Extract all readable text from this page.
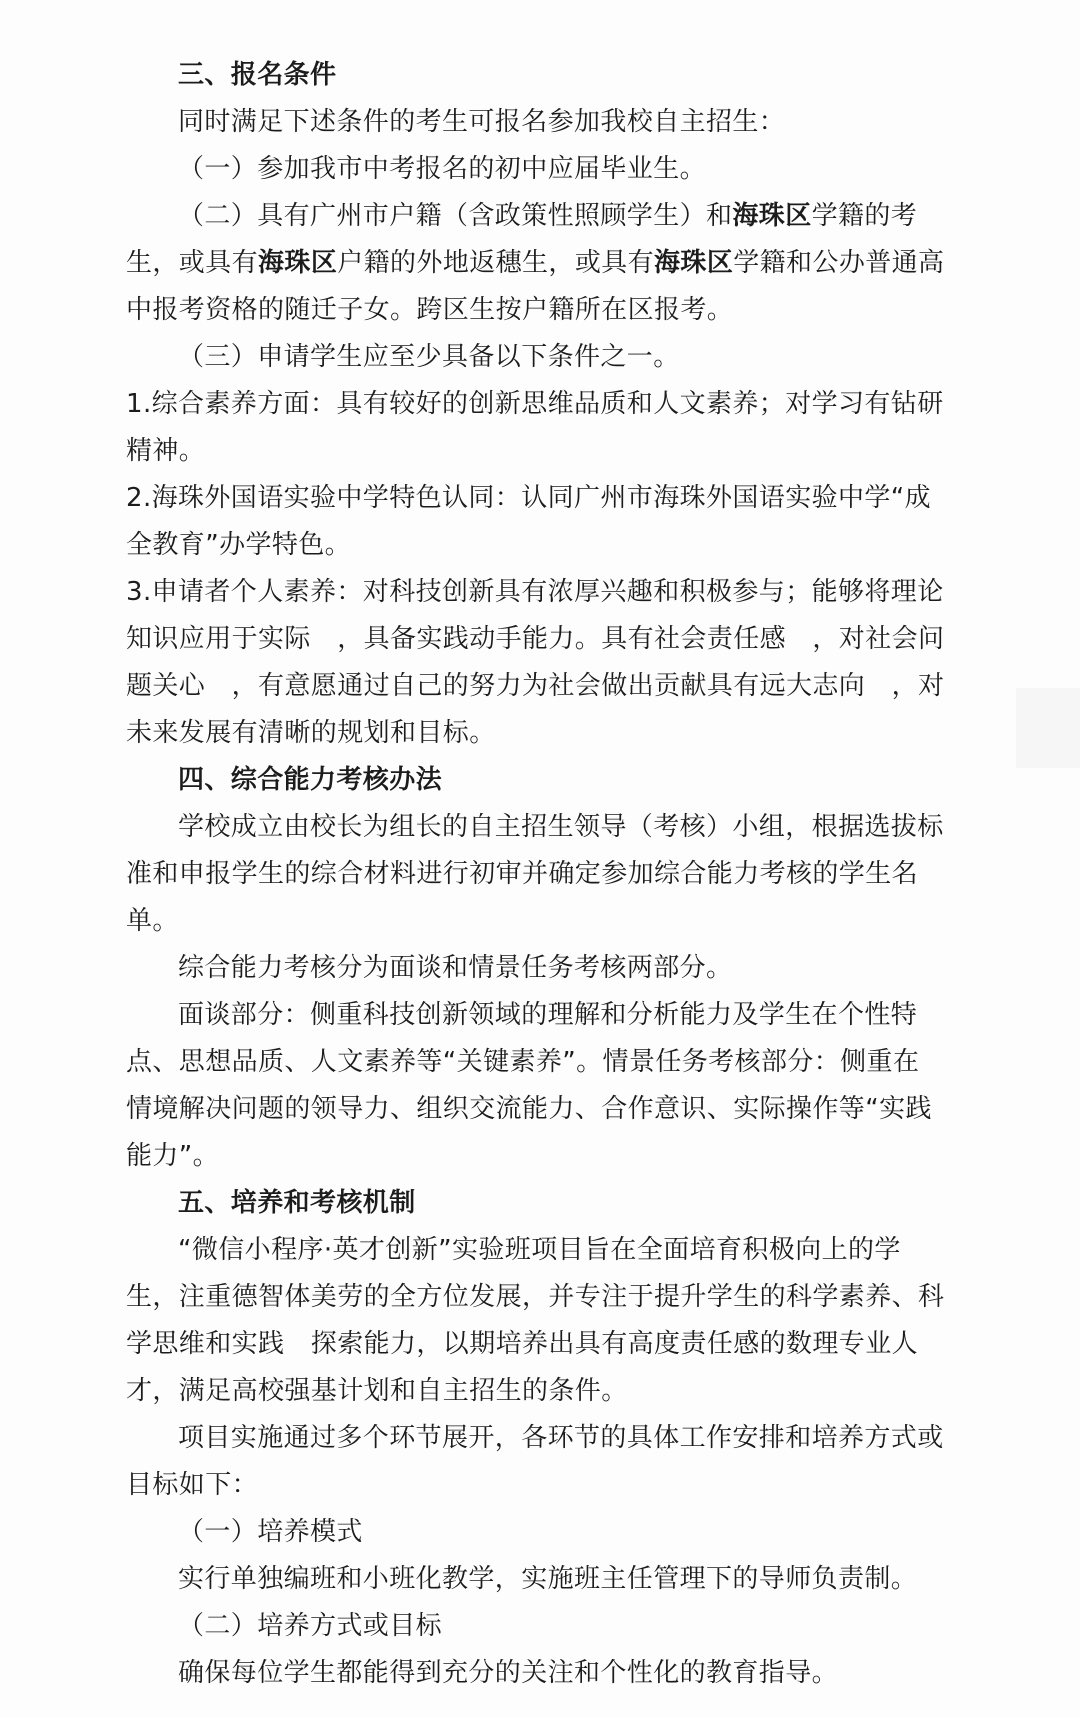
三、报名条件

同时满足下述条件的考生可报名参加我校自主招生：

（一）参加我市中考报名的初中应届毕业生。

（二）具有广州市户籍（含政策性照顾学生）和海珠区学籍的考

生，或具有海珠区户籍的外地返穗生，或具有海珠区学籍和公办普通高

中报考资格的随迁子女。跨区生按户籍所在区报考。

（三）申请学生应至少具备以下条件之一。

1.综合素养方面：具有较好的创新思维品质和人文素养；对学习有钻研

精神。

2.海珠外国语实验中学特色认同：认同广州市海珠外国语实验中学“成

全教育”办学特色。

3.申请者个人素养：对科技创新具有浓厚兴趣和积极参与；能够将理论

知识应用于实际　，具备实践动手能力。具有社会责任感　，对社会问

题关心　，有意愿通过自己的努力为社会做出贡献具有远大志向　，对

未来发展有清晰的规划和目标。

四、综合能力考核办法

学校成立由校长为组长的自主招生领导（考核）小组，根据选拔标

准和申报学生的综合材料进行初审并确定参加综合能力考核的学生名

单。

综合能力考核分为面谈和情景任务考核两部分。

面谈部分：侧重科技创新领域的理解和分析能力及学生在个性特

点、思想品质、人文素养等“关键素养”。情景任务考核部分：侧重在

情境解决问题的领导力、组织交流能力、合作意识、实际操作等“实践

能力”。

五、培养和考核机制

“微信小程序·英才创新”实验班项目旨在全面培育积极向上的学

生，注重德智体美劳的全方位发展，并专注于提升学生的科学素养、科

学思维和实践　探索能力，以期培养出具有高度责任感的数理专业人

才，满足高校强基计划和自主招生的条件。

项目实施通过多个环节展开，各环节的具体工作安排和培养方式或

目标如下：

（一）培养模式

实行单独编班和小班化教学，实施班主任管理下的导师负责制。

（二）培养方式或目标

确保每位学生都能得到充分的关注和个性化的教育指导。
